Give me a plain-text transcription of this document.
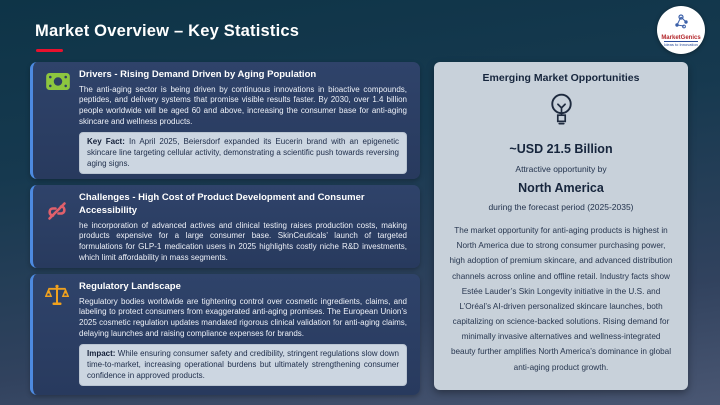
Market Overview – Key Statistics	MarketGenics
Ideas to Innovation
Drivers - Rising Demand Driven by Aging Population
The anti-aging sector is being driven by continuous innovations in bioactive compounds, peptides, and delivery systems that promise visible results faster. By 2030, over 1.4 billion people worldwide will be aged 60 and above, increasing the consumer base for anti-aging skincare and wellness products.
Key Fact: In April 2025, Beiersdorf expanded its Eucerin brand with an epigenetic skincare line targeting cellular activity, demonstrating a scientific push towards reversing aging signs.
Challenges - High Cost of Product Development and Consumer Accessibility
he incorporation of advanced actives and clinical testing raises production costs, making products expensive for a large consumer base. SkinCeuticals’ launch of targeted formulations for GLP-1 medication users in 2025 highlights costly niche R&D investments, which limit affordability in mass segments.
Regulatory Landscape
Regulatory bodies worldwide are tightening control over cosmetic ingredients, claims, and labeling to protect consumers from exaggerated anti-aging promises. The European Union’s 2025 cosmetic regulation updates mandated rigorous clinical validation for anti-aging claims, delaying launches and raising compliance expenses for brands.
Impact: While ensuring consumer safety and credibility, stringent regulations slow down time-to-market, increasing operational burdens but ultimately strengthening consumer confidence in approved products.
Emerging Market Opportunities
~USD 21.5 Billion
Attractive opportunity by
North America
during the forecast period (2025-2035)
The market opportunity for anti-aging products is highest in North America due to strong consumer purchasing power, high adoption of premium skincare, and advanced distribution channels across online and offline retail. Industry facts show Estée Lauder’s Skin Longevity initiative in the U.S. and L’Oréal’s AI-driven personalized skincare launches, both capitalizing on science-backed solutions. Rising demand for minimally invasive alternatives and wellness-integrated beauty further amplifies North America’s dominance in global anti-aging product growth.
